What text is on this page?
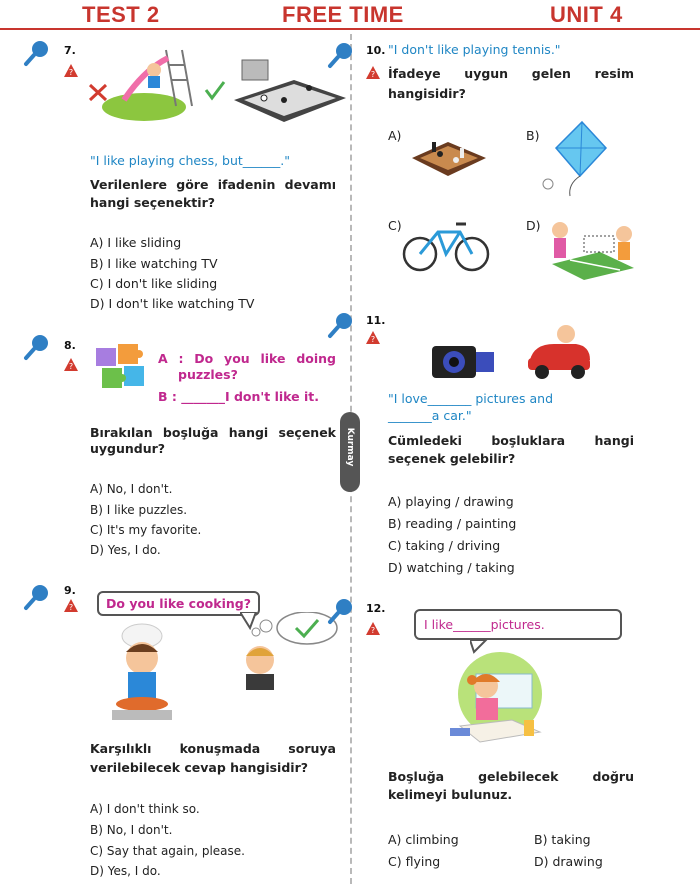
TEST 2	FREE TIME	UNIT 4
?
7.
"I like playing chess, but______."
Verilenlere göre ifadenin devamı
hangi seçenektir?
A) I like sliding
B) I like watching TV
C) I don't like sliding
D) I don't like watching TV
?
8.
A : Do you like doing
puzzles?
B : _______I don't like it.
Bırakılan boşluğa hangi seçenek
uygundur?
A) No, I don't.
B) I like puzzles.
C) It's my favorite.
D) Yes, I do.
?
9.
Do you like cooking?
Karşılıklı konuşmada soruya
verilebilecek cevap hangisidir?
A) I don't think so.
B) No, I don't.
C) Say that again, please.
D) Yes, I do.
Kurmay
10. "I don't like playing tennis."
? İfadeye uygun gelen resim
hangisidir?
A)	B)
C)	D)
11.
?
"I love_______ pictures and
_______a car."
Cümledeki boşluklara hangi
seçenek gelebilir?
A) playing / drawing
B) reading / painting
C) taking / driving
D) watching / taking
12.
?	I like______pictures.
Boşluğa gelebilecek doğru
kelimeyi bulunuz.
A) climbing	B) taking
C) flying	D) drawing
